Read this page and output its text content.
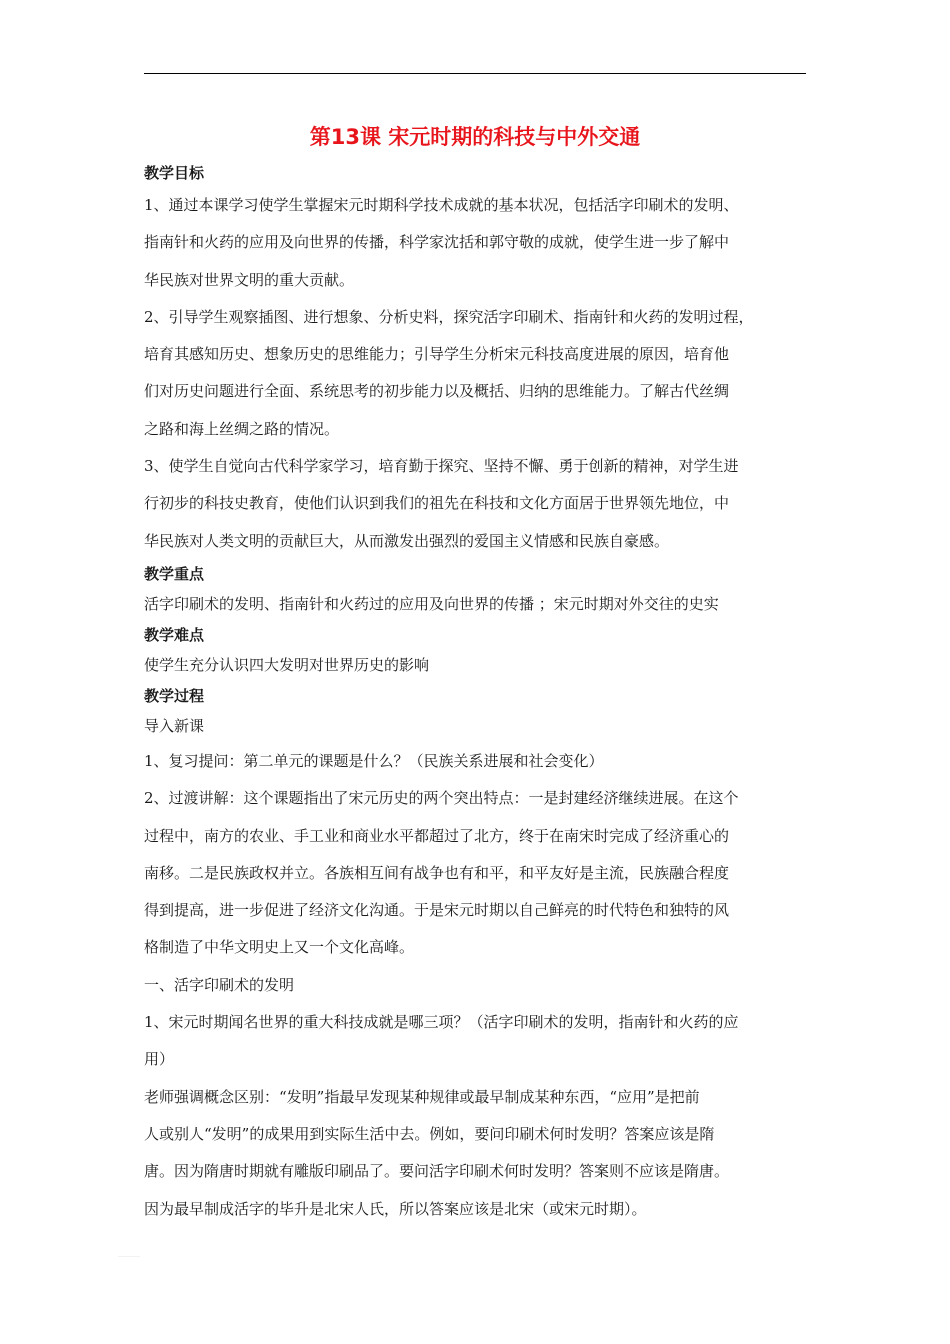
第13课 宋元时期的科技与中外交通
教学目标
1、通过本课学习使学生掌握宋元时期科学技术成就的基本状况，包括活字印刷术的发明、
指南针和火药的应用及向世界的传播，科学家沈括和郭守敬的成就，使学生进一步了解中
华民族对世界文明的重大贡献。
2、引导学生观察插图、进行想象、分析史料，探究活字印刷术、指南针和火药的发明过程，
培育其感知历史、想象历史的思维能力；引导学生分析宋元科技高度进展的原因，培育他
们对历史问题进行全面、系统思考的初步能力以及概括、归纳的思维能力。了解古代丝绸
之路和海上丝绸之路的情况。
3、使学生自觉向古代科学家学习，培育勤于探究、坚持不懈、勇于创新的精神，对学生进
行初步的科技史教育，使他们认识到我们的祖先在科技和文化方面居于世界领先地位，中
华民族对人类文明的贡献巨大，从而激发出强烈的爱国主义情感和民族自豪感。
教学重点
活字印刷术的发明、指南针和火药过的应用及向世界的传播 ；宋元时期对外交往的史实
教学难点
使学生充分认识四大发明对世界历史的影响
教学过程
导入新课
1、复习提问：第二单元的课题是什么？（民族关系进展和社会变化）
2、过渡讲解：这个课题指出了宋元历史的两个突出特点：一是封建经济继续进展。在这个
过程中，南方的农业、手工业和商业水平都超过了北方，终于在南宋时完成了经济重心的
南移。二是民族政权并立。各族相互间有战争也有和平，和平友好是主流，民族融合程度
得到提高，进一步促进了经济文化沟通。于是宋元时期以自己鲜亮的时代特色和独特的风
格制造了中华文明史上又一个文化高峰。
一、活字印刷术的发明
1、宋元时期闻名世界的重大科技成就是哪三项？（活字印刷术的发明，指南针和火药的应
用）
老师强调概念区别：“发明”指最早发现某种规律或最早制成某种东西，“应用”是把前
人或别人“发明”的成果用到实际生活中去。例如，要问印刷术何时发明？答案应该是隋
唐。因为隋唐时期就有雕版印刷品了。要问活字印刷术何时发明？答案则不应该是隋唐。
因为最早制成活字的毕升是北宋人氏，所以答案应该是北宋（或宋元时期）。
